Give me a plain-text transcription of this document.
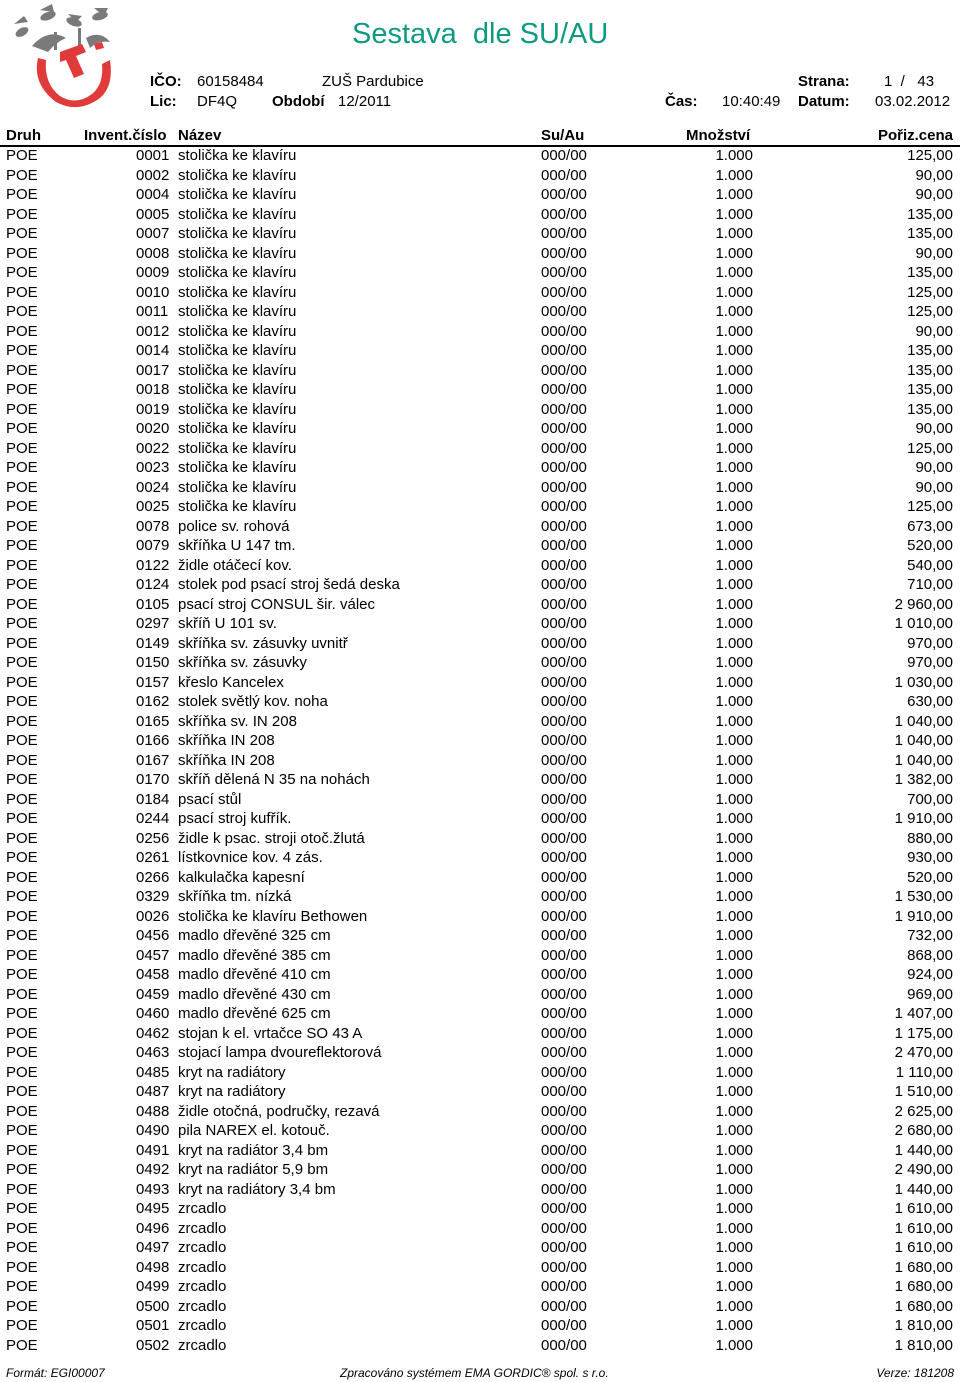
Sestava  dle SU/AU
IČO: 60158484	ZUŠ Pardubice	Strana: 1  /   43
Lic: DF4Q Období 12/2011	Čas: 10:40:49 Datum: 03.02.2012
Druh	Invent.číslo Název	Su/Au	Množství	Pořiz.cena
POE	0001 stolička ke klavíru	000/00	1.000	125,00
POE	0002 stolička ke klavíru	000/00	1.000	90,00
POE	0004 stolička ke klavíru	000/00	1.000	90,00
POE	0005 stolička ke klavíru	000/00	1.000	135,00
POE	0007 stolička ke klavíru	000/00	1.000	135,00
POE	0008 stolička ke klavíru	000/00	1.000	90,00
POE	0009 stolička ke klavíru	000/00	1.000	135,00
POE	0010 stolička ke klavíru	000/00	1.000	125,00
POE	0011 stolička ke klavíru	000/00	1.000	125,00
POE	0012 stolička ke klavíru	000/00	1.000	90,00
POE	0014 stolička ke klavíru	000/00	1.000	135,00
POE	0017 stolička ke klavíru	000/00	1.000	135,00
POE	0018 stolička ke klavíru	000/00	1.000	135,00
POE	0019 stolička ke klavíru	000/00	1.000	135,00
POE	0020 stolička ke klavíru	000/00	1.000	90,00
POE	0022 stolička ke klavíru	000/00	1.000	125,00
POE	0023 stolička ke klavíru	000/00	1.000	90,00
POE	0024 stolička ke klavíru	000/00	1.000	90,00
POE	0025 stolička ke klavíru	000/00	1.000	125,00
POE	0078 police sv. rohová	000/00	1.000	673,00
POE	0079 skříňka U 147 tm.	000/00	1.000	520,00
POE	0122 židle otáčecí kov.	000/00	1.000	540,00
POE	0124 stolek pod psací stroj šedá deska	000/00	1.000	710,00
POE	0105 psací stroj CONSUL šir. válec	000/00	1.000	2 960,00
POE	0297 skříň U 101 sv.	000/00	1.000	1 010,00
POE	0149 skříňka sv. zásuvky uvnitř	000/00	1.000	970,00
POE	0150 skříňka sv. zásuvky	000/00	1.000	970,00
POE	0157 křeslo Kancelex	000/00	1.000	1 030,00
POE	0162 stolek světlý kov. noha	000/00	1.000	630,00
POE	0165 skříňka sv. IN 208	000/00	1.000	1 040,00
POE	0166 skříňka IN 208	000/00	1.000	1 040,00
POE	0167 skříňka IN 208	000/00	1.000	1 040,00
POE	0170 skříň dělená N 35 na nohách	000/00	1.000	1 382,00
POE	0184 psací stůl	000/00	1.000	700,00
POE	0244 psací stroj kufřík.	000/00	1.000	1 910,00
POE	0256 židle k psac. stroji otoč.žlutá	000/00	1.000	880,00
POE	0261 lístkovnice kov. 4 zás.	000/00	1.000	930,00
POE	0266 kalkulačka kapesní	000/00	1.000	520,00
POE	0329 skříňka tm. nízká	000/00	1.000	1 530,00
POE	0026 stolička ke klavíru Bethowen	000/00	1.000	1 910,00
POE	0456 madlo dřevěné 325 cm	000/00	1.000	732,00
POE	0457 madlo dřevěné 385 cm	000/00	1.000	868,00
POE	0458 madlo dřevěné 410 cm	000/00	1.000	924,00
POE	0459 madlo dřevěné 430 cm	000/00	1.000	969,00
POE	0460 madlo dřevěné 625 cm	000/00	1.000	1 407,00
POE	0462 stojan k el. vrtačce SO 43 A	000/00	1.000	1 175,00
POE	0463 stojací lampa dvoureflektorová	000/00	1.000	2 470,00
POE	0485 kryt na radiátory	000/00	1.000	1 110,00
POE	0487 kryt na radiátory	000/00	1.000	1 510,00
POE	0488 židle otočná, područky, rezavá	000/00	1.000	2 625,00
POE	0490 pila NAREX el. kotouč.	000/00	1.000	2 680,00
POE	0491 kryt na radiátor 3,4 bm	000/00	1.000	1 440,00
POE	0492 kryt na radiátor 5,9 bm	000/00	1.000	2 490,00
POE	0493 kryt na radiátory 3,4 bm	000/00	1.000	1 440,00
POE	0495 zrcadlo	000/00	1.000	1 610,00
POE	0496 zrcadlo	000/00	1.000	1 610,00
POE	0497 zrcadlo	000/00	1.000	1 610,00
POE	0498 zrcadlo	000/00	1.000	1 680,00
POE	0499 zrcadlo	000/00	1.000	1 680,00
POE	0500 zrcadlo	000/00	1.000	1 680,00
POE	0501 zrcadlo	000/00	1.000	1 810,00
POE	0502 zrcadlo	000/00	1.000	1 810,00
Formát: EGI00007	Zpracováno systémem EMA GORDIC® spol. s r.o.	Verze: 181208
